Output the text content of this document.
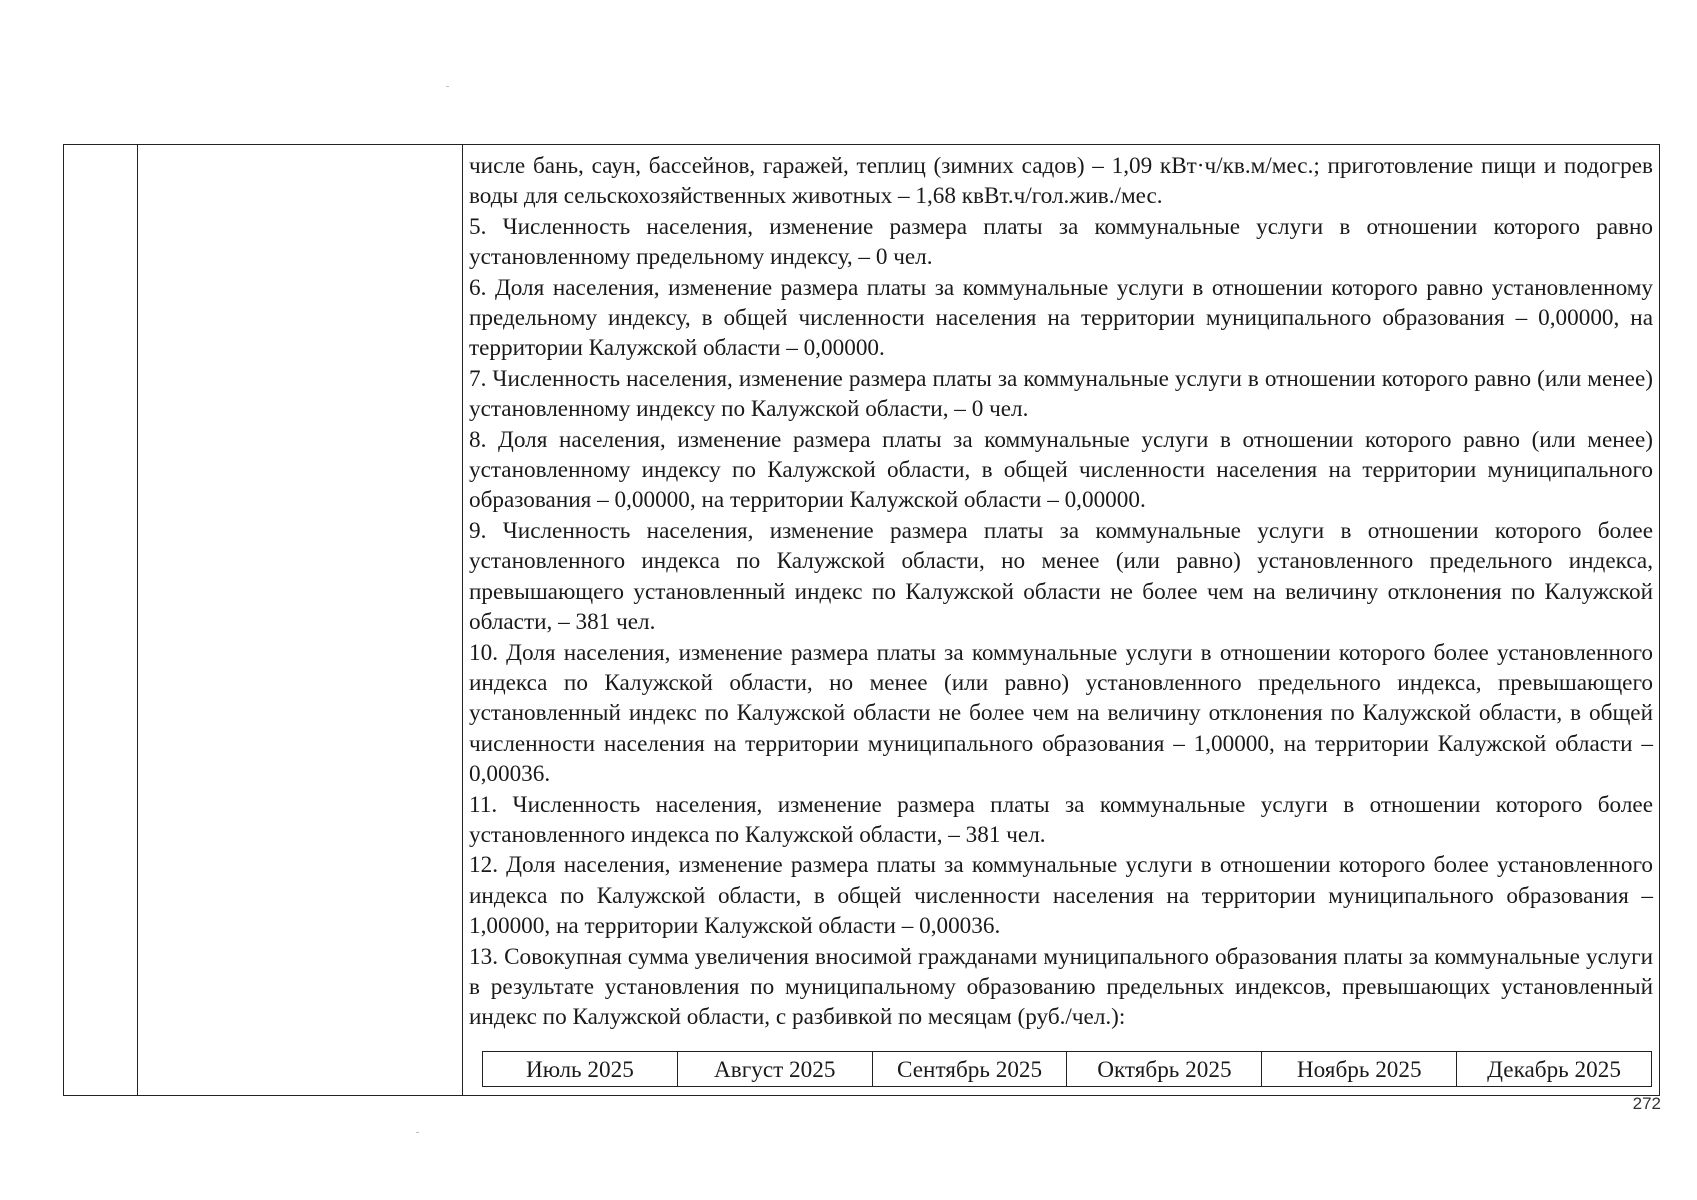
числе бань, саун, бассейнов, гаражей, теплиц (зимних садов) – 1,09 кВт·ч/кв.м/мес.; приготовление пищи и подогрев воды для сельскохозяйственных животных – 1,68 квВт.ч/гол.жив./мес.

5. Численность населения, изменение размера платы за коммунальные услуги в отношении которого равно установленному предельному индексу, – 0 чел.

6. Доля населения, изменение размера платы за коммунальные услуги в отношении которого равно установленному предельному индексу, в общей численности населения на территории муниципального образования – 0,00000, на территории Калужской области – 0,00000.

7. Численность населения, изменение размера платы за коммунальные услуги в отношении которого равно (или менее) установленному индексу по Калужской области, – 0 чел.

8. Доля населения, изменение размера платы за коммунальные услуги в отношении которого равно (или менее) установленному индексу по Калужской области, в общей численности населения на территории муниципального образования – 0,00000, на территории Калужской области – 0,00000.

9. Численность населения, изменение размера платы за коммунальные услуги в отношении которого более установленного индекса по Калужской области, но менее (или равно) установленного предельного индекса, превышающего установленный индекс по Калужской области не более чем на величину отклонения по Калужской области, – 381 чел.

10. Доля населения, изменение размера платы за коммунальные услуги в отношении которого более установленного индекса по Калужской области, но менее (или равно) установленного предельного индекса, превышающего установленный индекс по Калужской области не более чем на величину отклонения по Калужской области, в общей численности населения на территории муниципального образования – 1,00000, на территории Калужской области – 0,00036.

11. Численность населения, изменение размера платы за коммунальные услуги в отношении которого более установленного индекса по Калужской области, – 381 чел.

12. Доля населения, изменение размера платы за коммунальные услуги в отношении которого более установленного индекса по Калужской области, в общей численности населения на территории муниципального образования – 1,00000, на территории Калужской области – 0,00036.

13. Совокупная сумма увеличения вносимой гражданами муниципального образования платы за коммунальные услуги в результате установления по муниципальному образованию предельных индексов, превышающих установленный индекс по Калужской области, с разбивкой по месяцам (руб./чел.):

Июль 2025	Август 2025	Сентябрь 2025	Октябрь 2025	Ноябрь 2025	Декабрь 2025
272
